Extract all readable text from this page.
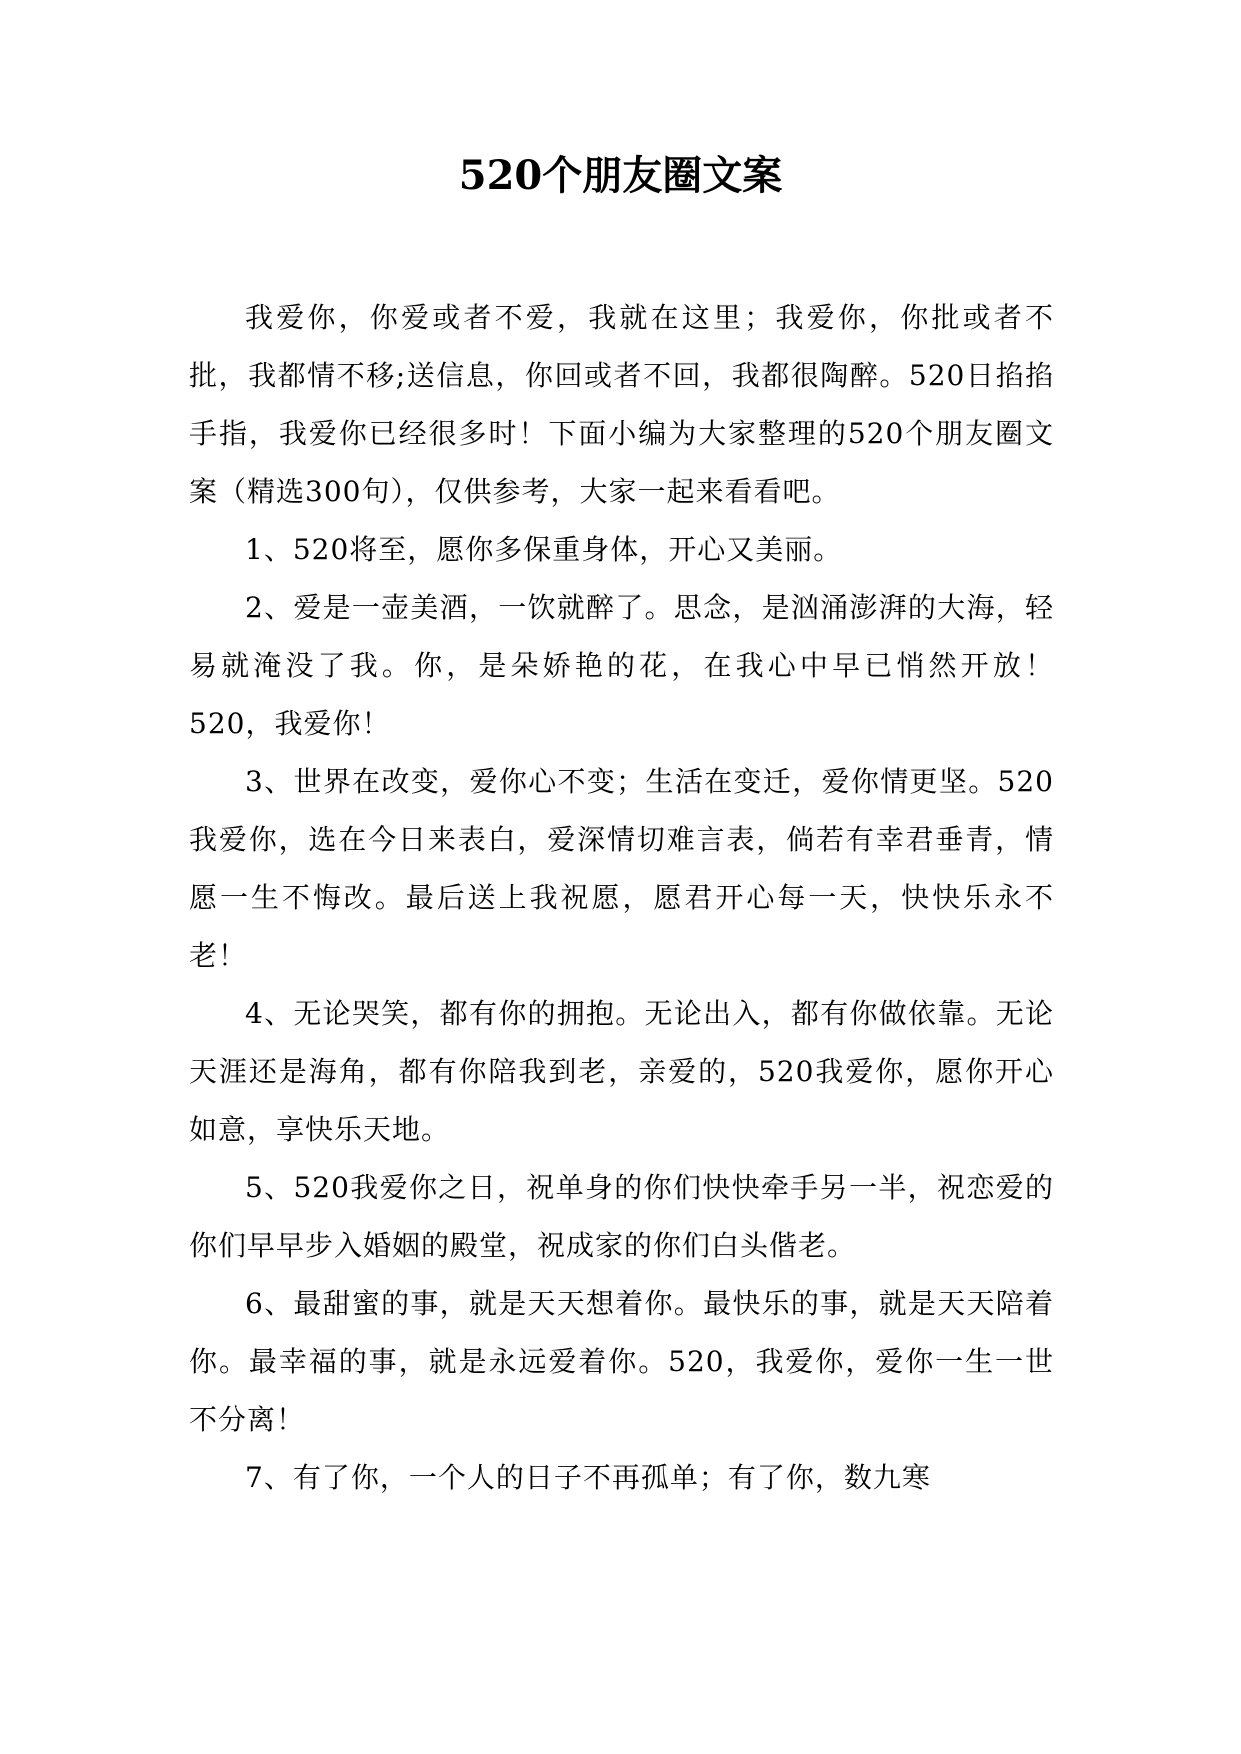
520个朋友圈文案

我爱你，你爱或者不爱，我就在这里；我爱你，你批或者不批，我都情不移;送信息，你回或者不回，我都很陶醉。520日掐掐手指，我爱你已经很多时！下面小编为大家整理的520个朋友圈文案（精选300句），仅供参考，大家一起来看看吧。

1、520将至，愿你多保重身体，开心又美丽。

2、爱是一壶美酒，一饮就醉了。思念，是汹涌澎湃的大海，轻易就淹没了我。你，是朵娇艳的花，在我心中早已悄然开放！520，我爱你！

3、世界在改变，爱你心不变；生活在变迁，爱你情更坚。520我爱你，选在今日来表白，爱深情切难言表，倘若有幸君垂青，情愿一生不悔改。最后送上我祝愿，愿君开心每一天，快快乐永不老！

4、无论哭笑，都有你的拥抱。无论出入，都有你做依靠。无论天涯还是海角，都有你陪我到老，亲爱的，520我爱你，愿你开心如意，享快乐天地。

5、520我爱你之日，祝单身的你们快快牵手另一半，祝恋爱的你们早早步入婚姻的殿堂，祝成家的你们白头偕老。

6、最甜蜜的事，就是天天想着你。最快乐的事，就是天天陪着你。最幸福的事，就是永远爱着你。520，我爱你，爱你一生一世不分离！

7、有了你，一个人的日子不再孤单；有了你，数九寒
